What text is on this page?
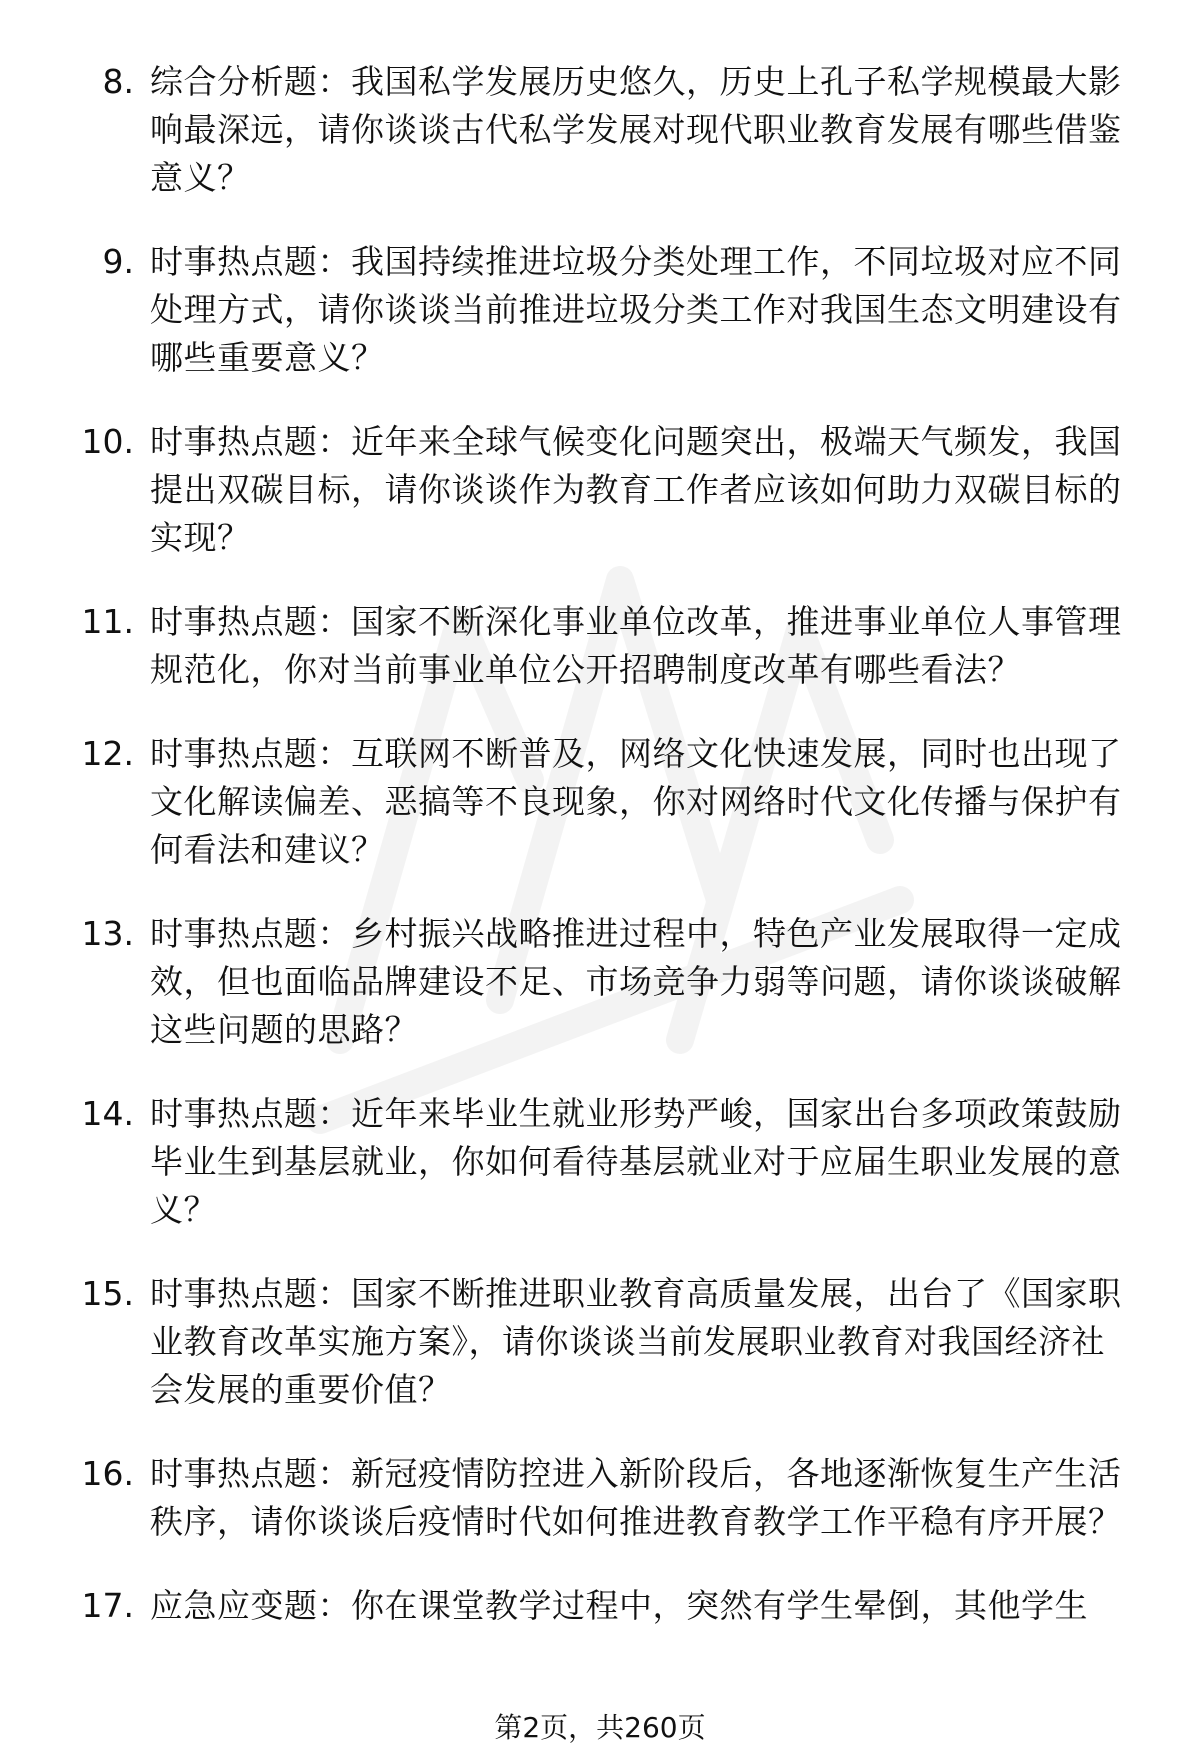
8. 综合分析题：我国私学发展历史悠久，历史上孔子私学规模最大影响最深远，请你谈谈古代私学发展对现代职业教育发展有哪些借鉴意义？
9. 时事热点题：我国持续推进垃圾分类处理工作，不同垃圾对应不同处理方式，请你谈谈当前推进垃圾分类工作对我国生态文明建设有哪些重要意义？
10. 时事热点题：近年来全球气候变化问题突出，极端天气频发，我国提出双碳目标，请你谈谈作为教育工作者应该如何助力双碳目标的实现？
11. 时事热点题：国家不断深化事业单位改革，推进事业单位人事管理规范化，你对当前事业单位公开招聘制度改革有哪些看法？
12. 时事热点题：互联网不断普及，网络文化快速发展，同时也出现了文化解读偏差、恶搞等不良现象，你对网络时代文化传播与保护有何看法和建议？
13. 时事热点题：乡村振兴战略推进过程中，特色产业发展取得一定成效，但也面临品牌建设不足、市场竞争力弱等问题，请你谈谈破解这些问题的思路？
14. 时事热点题：近年来毕业生就业形势严峻，国家出台多项政策鼓励毕业生到基层就业，你如何看待基层就业对于应届生职业发展的意义？
15. 时事热点题：国家不断推进职业教育高质量发展，出台了《国家职业教育改革实施方案》，请你谈谈当前发展职业教育对我国经济社会发展的重要价值？
16. 时事热点题：新冠疫情防控进入新阶段后，各地逐渐恢复生产生活秩序，请你谈谈后疫情时代如何推进教育教学工作平稳有序开展？
17. 应急应变题：你在课堂教学过程中，突然有学生晕倒，其他学生
第2页，共260页
